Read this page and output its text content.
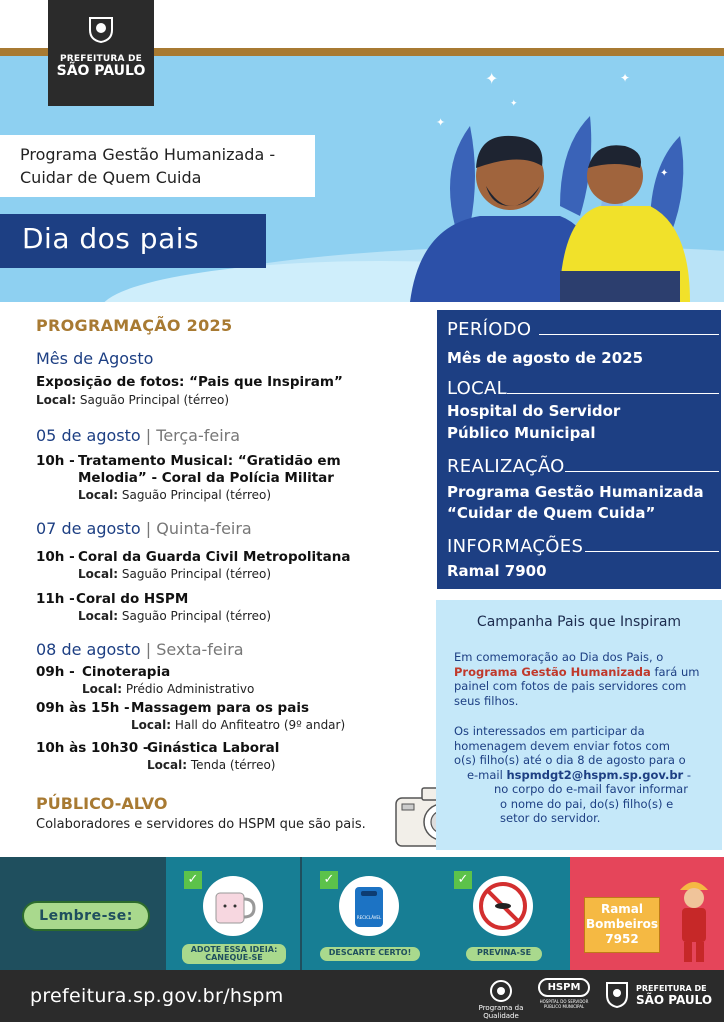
✦	✦
✦
✦
✦
PREFEITURA DE
SÃO PAULO
Programa Gestão Humanizada -
Cuidar de Quem Cuida
Dia dos pais
PROGRAMAÇÃO 2025
Mês de Agosto
Exposição de fotos: “Pais que Inspiram”
Local: Saguão Principal (térreo)
05 de agosto | Terça-feira
10h - Tratamento Musical: “Gratidão em
Melodia” - Coral da Polícia Militar
Local: Saguão Principal (térreo)
07 de agosto | Quinta-feira
10h - Coral da Guarda Civil Metropolitana
Local: Saguão Principal (térreo)
11h - Coral do HSPM
Local: Saguão Principal (térreo)
08 de agosto | Sexta-feira
09h - Cinoterapia
Local: Prédio Administrativo
09h às 15h - Massagem para os pais
Local: Hall do Anfiteatro (9º andar)
10h às 10h30 -
Ginástica Laboral
Local: Tenda (térreo)
PÚBLICO-ALVO
Colaboradores e servidores do HSPM que são pais.
PERÍODO
Mês de agosto de 2025
LOCAL
Hospital do Servidor
Público Municipal
REALIZAÇÃO
Programa Gestão Humanizada
“Cuidar de Quem Cuida”
INFORMAÇÕES
Ramal 7900
Campanha Pais que Inspiram
Em comemoração ao Dia dos Pais, o
Programa Gestão Humanizada fará um
painel com fotos de pais servidores com
seus filhos.
Os interessados em participar da
homenagem devem enviar fotos com
o(s) filho(s) até o dia 8 de agosto para o
e-mail hspmdgt2@hspm.sp.gov.br -
no corpo do e-mail favor informar
o nome do pai, do(s) filho(s) e
setor do servidor.
Lembre-se:
✓
ADOTE ESSA IDEIA:
CANEQUE-SE
✓
RECICLÁVEL
DESCARTE CERTO!
✓
PREVINA-SE
Ramal
Bombeiros
7952
prefeitura.sp.gov.br/hspm
Programa da Qualidade
HSPM
HOSPITAL DO SERVIDOR PÚBLICO MUNICIPAL
PREFEITURA DE
SÃO PAULO
